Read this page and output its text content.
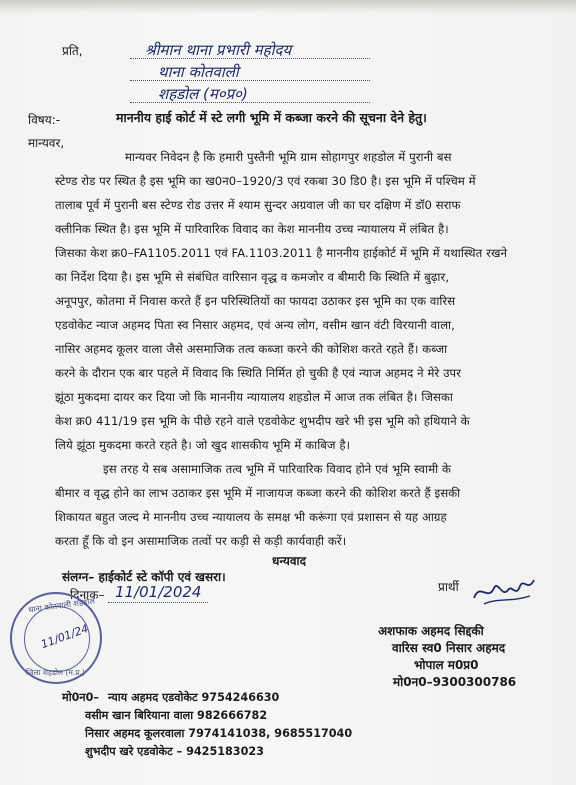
प्रति,	श्रीमान थाना प्रभारी महोदय
थाना कोतवाली
शहडोल (म०प्र०)
विषय:-	माननीय हाई कोर्ट में स्टे लगी भूमि में कब्जा करने की सूचना देने हेतु।
मान्यवर,
मान्यवर निवेदन है कि हमारी पुस्तैनी भूमि ग्राम सोहागपुर शहडोल में पुरानी बस
स्टेण्ड रोड पर स्थित है इस भूमि का ख0न0–1920/3 एवं रकबा 30 डि0 है। इस भूमि में पश्चिम में
तालाब पूर्व में पुरानी बस स्टेण्ड रोड उत्तर में श्याम सुन्दर अग्रवाल जी का घर दक्षिण में डॉ0 सराफ
क्लीनिक स्थित है। इस भूमि में पारिवारिक विवाद का केश माननीय उच्च न्यायालय में लंबित है।
जिसका केश क्र0–FA1105.2011 एवं FA.1103.2011 है माननीय हाईकोर्ट में भूमि में यथास्थित रखने
का निर्देश दिया है। इस भूमि से संबंधित वारिसान वृद्ध व कमजोर व बीमारी कि स्थिति में बुढ़ार,
अनूपपुर, कोतमा में निवास करते हैं इन परिस्थितियों का फायदा उठाकर इस भूमि का एक वारिस
एडवोकेट न्याज अहमद पिता स्व निसार अहमद, एवं अन्य लोग, वसीम खान वंटी विरयानी वाला,
नासिर अहमद कूलर वाला जैसे असमाजिक तत्व कब्जा करने की कोशिश करते रहते हैं। कब्जा
करने के दौरान एक बार पहले में विवाद कि स्थिति निर्मित हो चुकी है एवं न्याज अहमद ने मेरे उपर
झूंठा मुकदमा दायर कर दिया जो कि माननीय न्यायालय शहडोल में आज तक लंबित है। जिसका
केश क्र0 411/19 इस भूमि के पीछे रहने वाले एडवोकेट शुभदीप खरे भी इस भूमि को हथियाने के
लिये झूंठा मुकदमा करते रहते है। जो खुद शासकीय भूमि में काबिज है।
इस तरह ये सब असामाजिक तत्व भूमि में पारिवारिक विवाद होने एवं भूमि स्वामी के
बीमार व वृद्ध होने का लाभ उठाकर इस भूमि में नाजायज कब्जा करने की कोशिश करते हैं इसकी
शिकायत बहुत जल्द मे माननीय उच्च न्यायालय के समक्ष भी करूंगा एवं प्रशासन से यह आग्रह
करता हूँ कि वो इन असामाजिक तत्वों पर कड़ी से कड़ी कार्यवाही करें।
धन्यवाद
संलग्न– हाईकोर्ट स्टे कॉपी एवं खसरा।
दिनाक– 11/01/2024	प्रार्थी
अशफाक अहमद सिद्दकी
वारिस स्व0 निसार अहमद
भोपाल म0प्र0
मो0न0–9300300786
थाना कोतवाली शहडोल
11/01/24
जिला शहडोल (म.प्र.)
मो0न0– न्याय अहमद एडवोकेट 9754246630
वसीम खान बिरियाना वाला 982666782
निसार अहमद कूलरवाला 7974141038, 9685517040
शुभदीप खरे एडवोकेट – 9425183023
